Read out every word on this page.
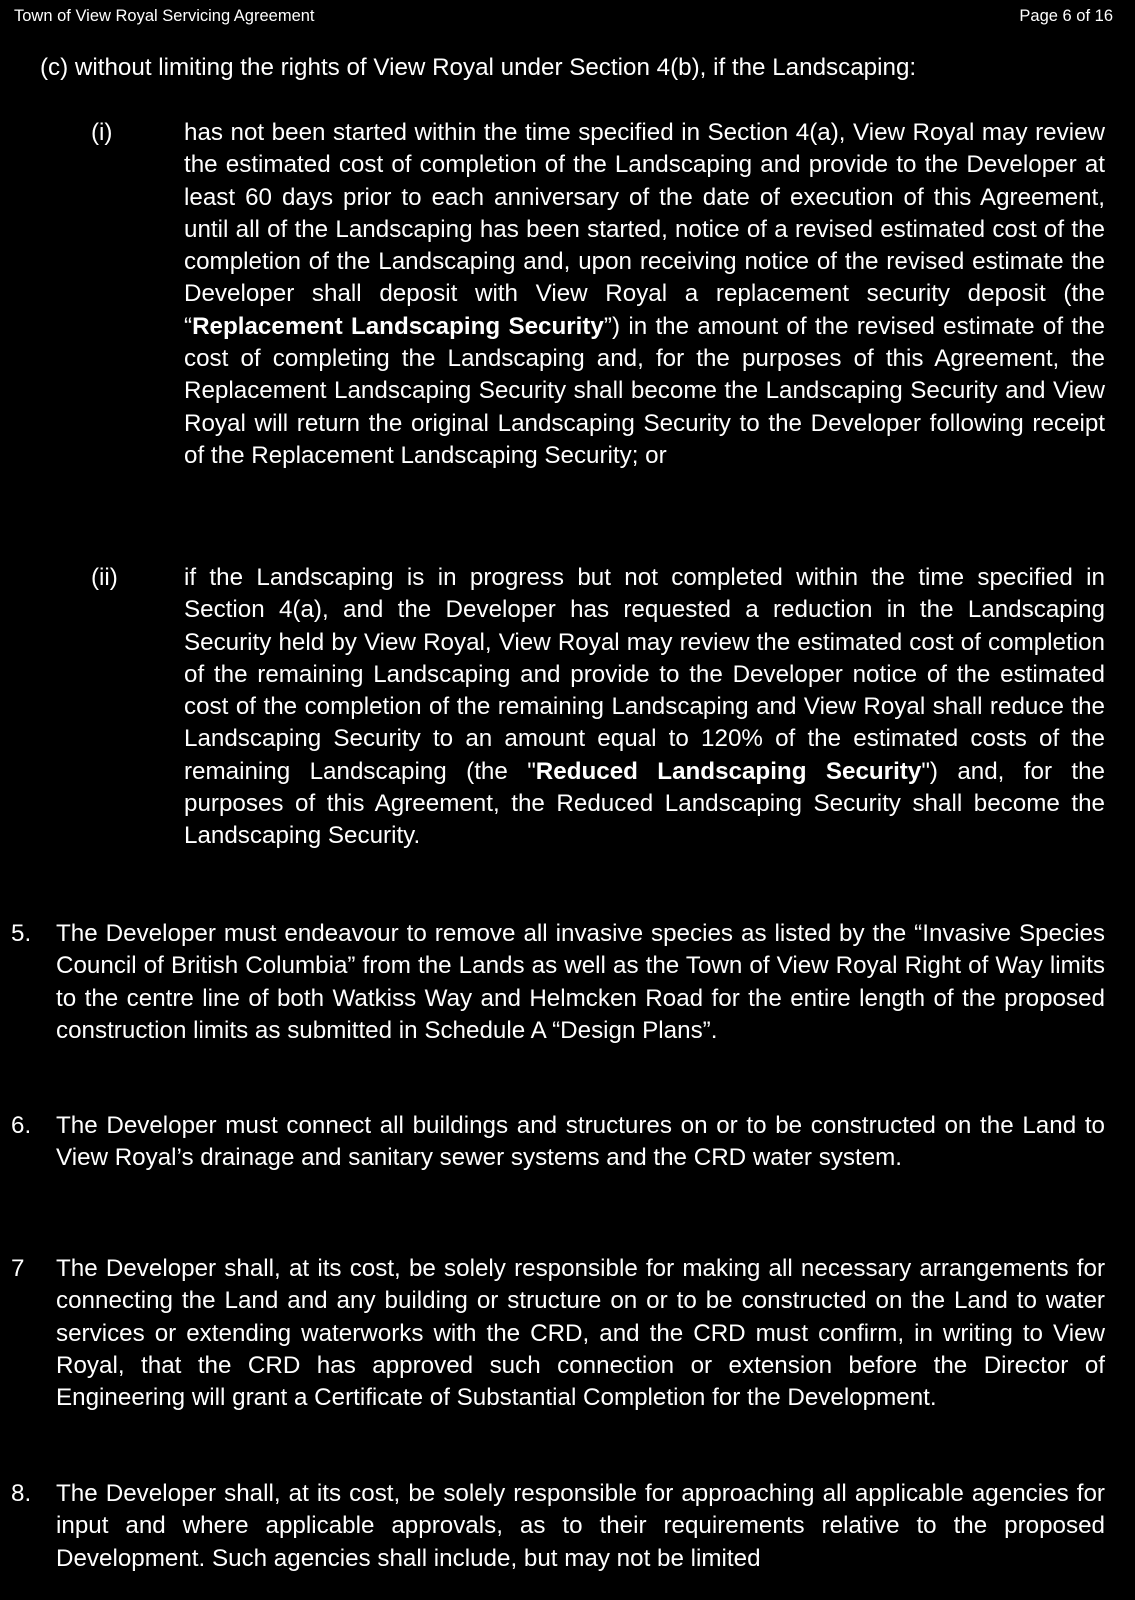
Town of View Royal Servicing Agreement	Page 6 of 16
(c) without limiting the rights of View Royal under Section 4(b), if the Landscaping:
(i)	has not been started within the time specified in Section 4(a), View Royal may review the estimated cost of completion of the Landscaping and provide to the Developer at least 60 days prior to each anniversary of the date of execution of this Agreement, until all of the Landscaping has been started, notice of a revised estimated cost of the completion of the Landscaping and, upon receiving notice of the revised estimate the Developer shall deposit with View Royal a replacement security deposit (the “Replacement Landscaping Security”) in the amount of the revised estimate of the cost of completing the Landscaping and, for the purposes of this Agreement, the Replacement Landscaping Security shall become the Landscaping Security and View Royal will return the original Landscaping Security to the Developer following receipt of the Replacement Landscaping Security; or
(ii)	if the Landscaping is in progress but not completed within the time specified in Section 4(a), and the Developer has requested a reduction in the Landscaping Security held by View Royal, View Royal may review the estimated cost of completion of the remaining Landscaping and provide to the Developer notice of the estimated cost of the completion of the remaining Landscaping and View Royal shall reduce the Landscaping Security to an amount equal to 120% of the estimated costs of the remaining Landscaping (the "Reduced Landscaping Security") and, for the purposes of this Agreement, the Reduced Landscaping Security shall become the Landscaping Security.
5. The Developer must endeavour to remove all invasive species as listed by the “Invasive Species Council of British Columbia” from the Lands as well as the Town of View Royal Right of Way limits to the centre line of both Watkiss Way and Helmcken Road for the entire length of the proposed construction limits as submitted in Schedule A “Design Plans”.
6. The Developer must connect all buildings and structures on or to be constructed on the Land to View Royal’s drainage and sanitary sewer systems and the CRD water system.
7 The Developer shall, at its cost, be solely responsible for making all necessary arrangements for connecting the Land and any building or structure on or to be constructed on the Land to water services or extending waterworks with the CRD, and the CRD must confirm, in writing to View Royal, that the CRD has approved such connection or extension before the Director of Engineering will grant a Certificate of Substantial Completion for the Development.
8. The Developer shall, at its cost, be solely responsible for approaching all applicable agencies for input and where applicable approvals, as to their requirements relative to the proposed Development. Such agencies shall include, but may not be limited
